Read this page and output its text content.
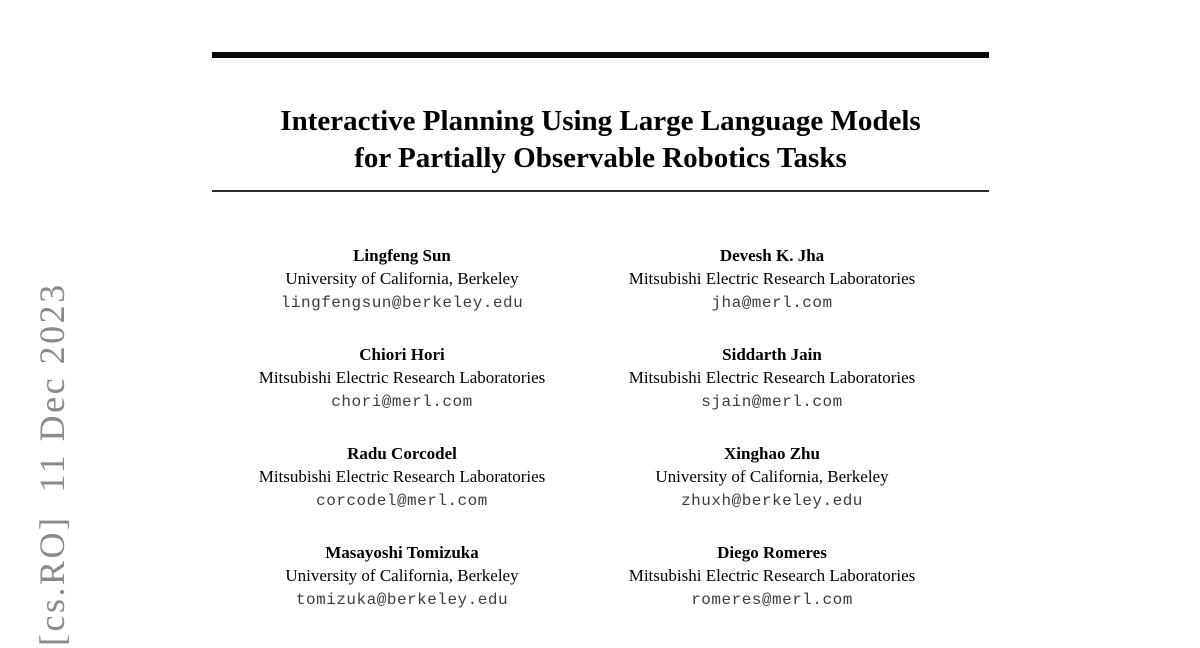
[cs.RO]  11 Dec 2023
Interactive Planning Using Large Language Models
for Partially Observable Robotics Tasks
Lingfeng Sun
University of California, Berkeley
lingfengsun@berkeley.edu
Devesh K. Jha
Mitsubishi Electric Research Laboratories
jha@merl.com
Chiori Hori
Mitsubishi Electric Research Laboratories
chori@merl.com
Siddarth Jain
Mitsubishi Electric Research Laboratories
sjain@merl.com
Radu Corcodel
Mitsubishi Electric Research Laboratories
corcodel@merl.com
Xinghao Zhu
University of California, Berkeley
zhuxh@berkeley.edu
Masayoshi Tomizuka
University of California, Berkeley
tomizuka@berkeley.edu
Diego Romeres
Mitsubishi Electric Research Laboratories
romeres@merl.com
